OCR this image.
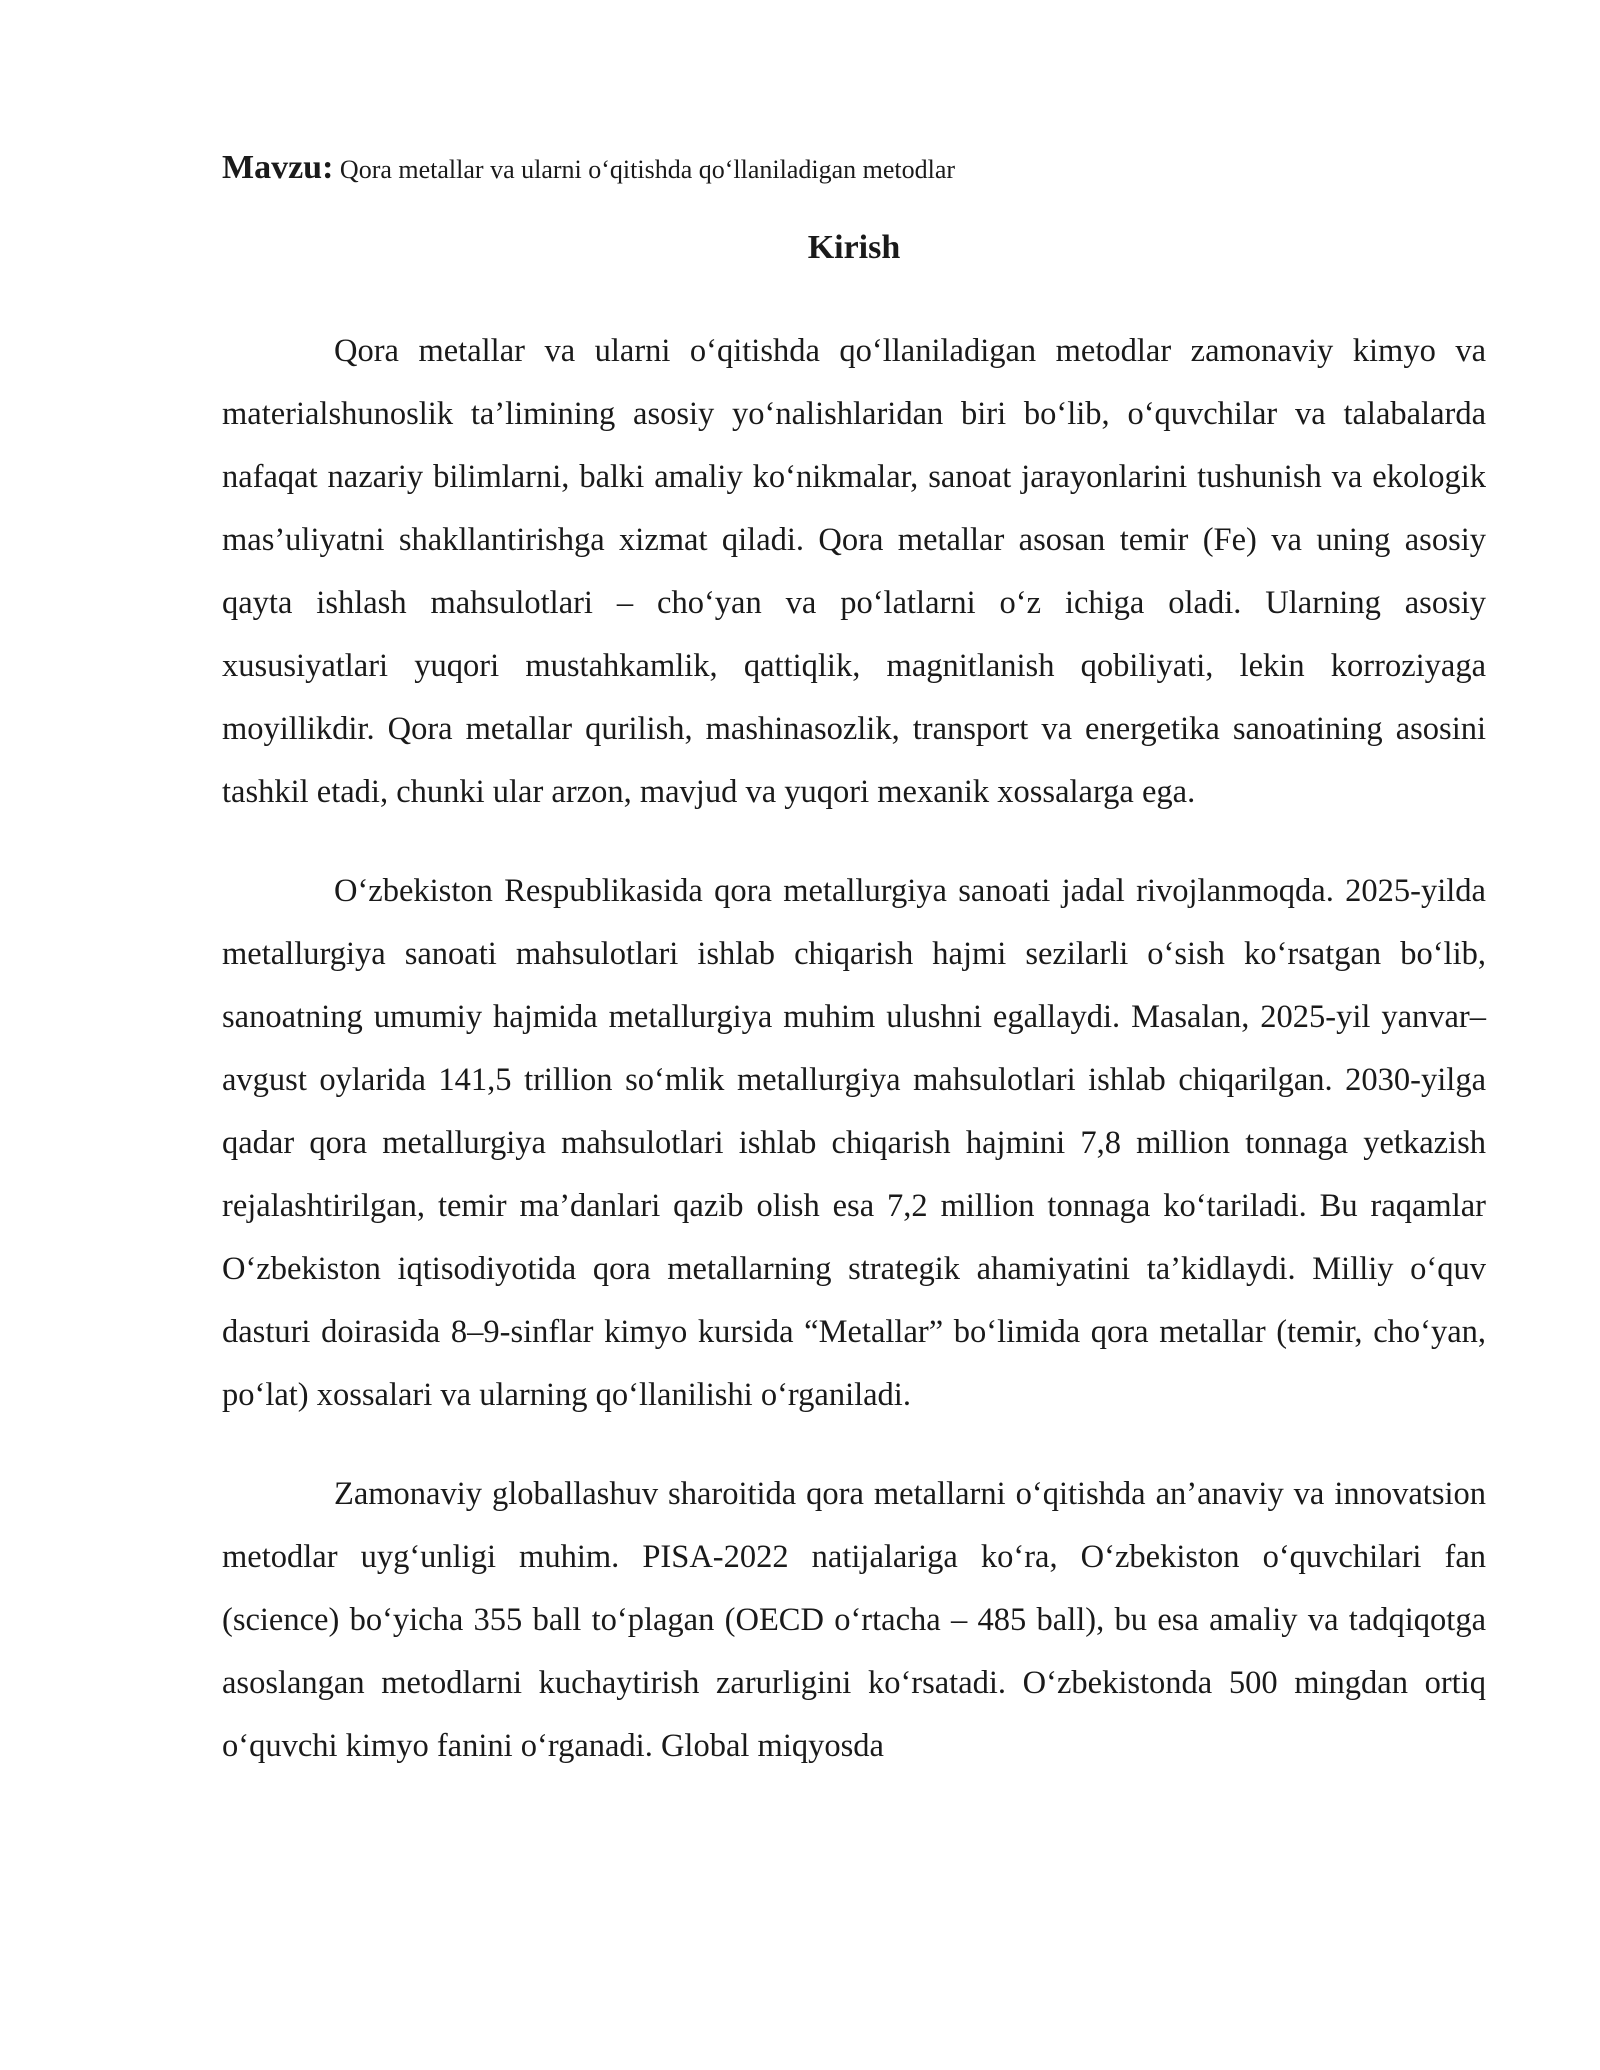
Mavzu: Qora metallar va ularni o‘qitishda qo‘llaniladigan metodlar
Kirish

Qora metallar va ularni o‘qitishda qo‘llaniladigan metodlar zamonaviy kimyo va materialshunoslik ta’limining asosiy yo‘nalishlaridan biri bo‘lib, o‘quvchilar va talabalarda nafaqat nazariy bilimlarni, balki amaliy ko‘nikmalar, sanoat jarayonlarini tushunish va ekologik mas’uliyatni shakllantirishga xizmat qiladi. Qora metallar asosan temir (Fe) va uning asosiy qayta ishlash mahsulotlari – cho‘yan va po‘latlarni o‘z ichiga oladi. Ularning asosiy xususiyatlari yuqori mustahkamlik, qattiqlik, magnitlanish qobiliyati, lekin korroziyaga moyillikdir. Qora metallar qurilish, mashinasozlik, transport va energetika sanoatining asosini tashkil etadi, chunki ular arzon, mavjud va yuqori mexanik xossalarga ega.

O‘zbekiston Respublikasida qora metallurgiya sanoati jadal rivojlanmoqda. 2025-yilda metallurgiya sanoati mahsulotlari ishlab chiqarish hajmi sezilarli o‘sish ko‘rsatgan bo‘lib, sanoatning umumiy hajmida metallurgiya muhim ulushni egallaydi. Masalan, 2025-yil yanvar–avgust oylarida 141,5 trillion so‘mlik metallurgiya mahsulotlari ishlab chiqarilgan. 2030-yilga qadar qora metallurgiya mahsulotlari ishlab chiqarish hajmini 7,8 million tonnaga yetkazish rejalashtirilgan, temir ma’danlari qazib olish esa 7,2 million tonnaga ko‘tariladi. Bu raqamlar O‘zbekiston iqtisodiyotida qora metallarning strategik ahamiyatini ta’kidlaydi. Milliy o‘quv dasturi doirasida 8–9-sinflar kimyo kursida “Metallar” bo‘limida qora metallar (temir, cho‘yan, po‘lat) xossalari va ularning qo‘llanilishi o‘rganiladi.

Zamonaviy globallashuv sharoitida qora metallarni o‘qitishda an’anaviy va innovatsion metodlar uyg‘unligi muhim. PISA-2022 natijalariga ko‘ra, O‘zbekiston o‘quvchilari fan (science) bo‘yicha 355 ball to‘plagan (OECD o‘rtacha – 485 ball), bu esa amaliy va tadqiqotga asoslangan metodlarni kuchaytirish zarurligini ko‘rsatadi. O‘zbekistonda 500 mingdan ortiq o‘quvchi kimyo fanini o‘rganadi. Global miqyosda
